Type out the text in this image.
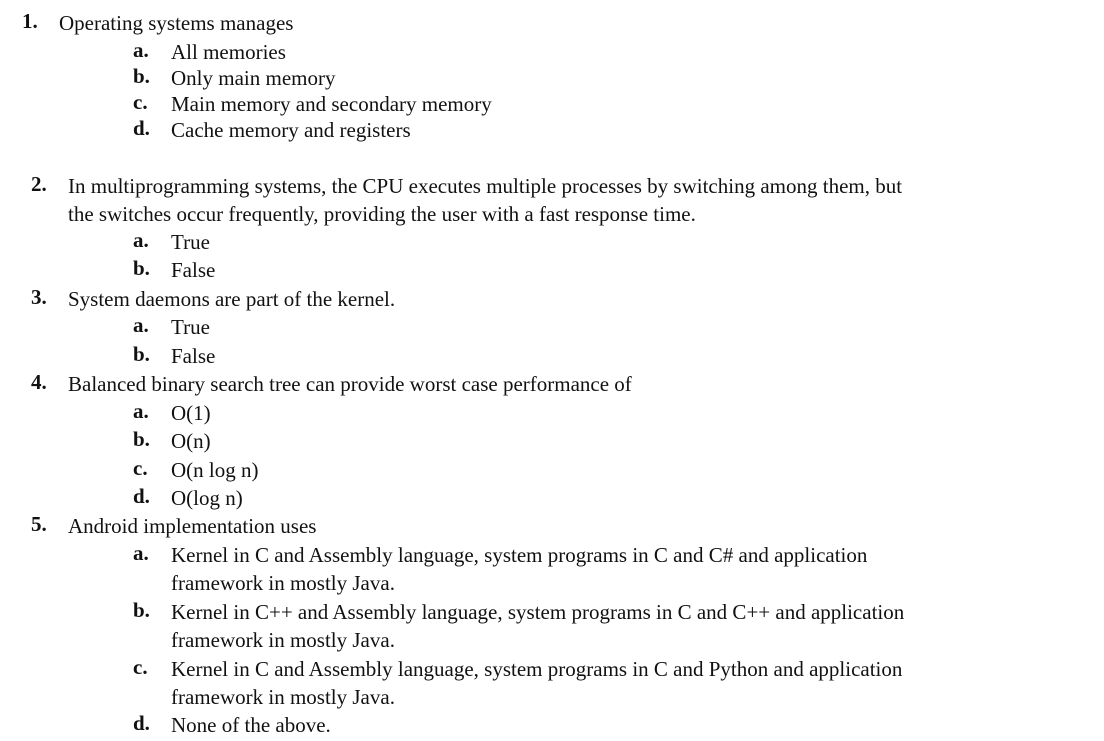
1. Operating systems manages
a. All memories
b. Only main memory
c. Main memory and secondary memory
d. Cache memory and registers
2. In multiprogramming systems, the CPU executes multiple processes by switching among them, but
the switches occur frequently, providing the user with a fast response time.
a. True
b. False
3. System daemons are part of the kernel.
a. True
b. False
4. Balanced binary search tree can provide worst case performance of
a. O(1)
b. O(n)
c. O(n log n)
d. O(log n)
5. Android implementation uses
a. Kernel in C and Assembly language, system programs in C and C# and application
framework in mostly Java.
b. Kernel in C++ and Assembly language, system programs in C and C++ and application
framework in mostly Java.
c. Kernel in C and Assembly language, system programs in C and Python and application
framework in mostly Java.
d. None of the above.
